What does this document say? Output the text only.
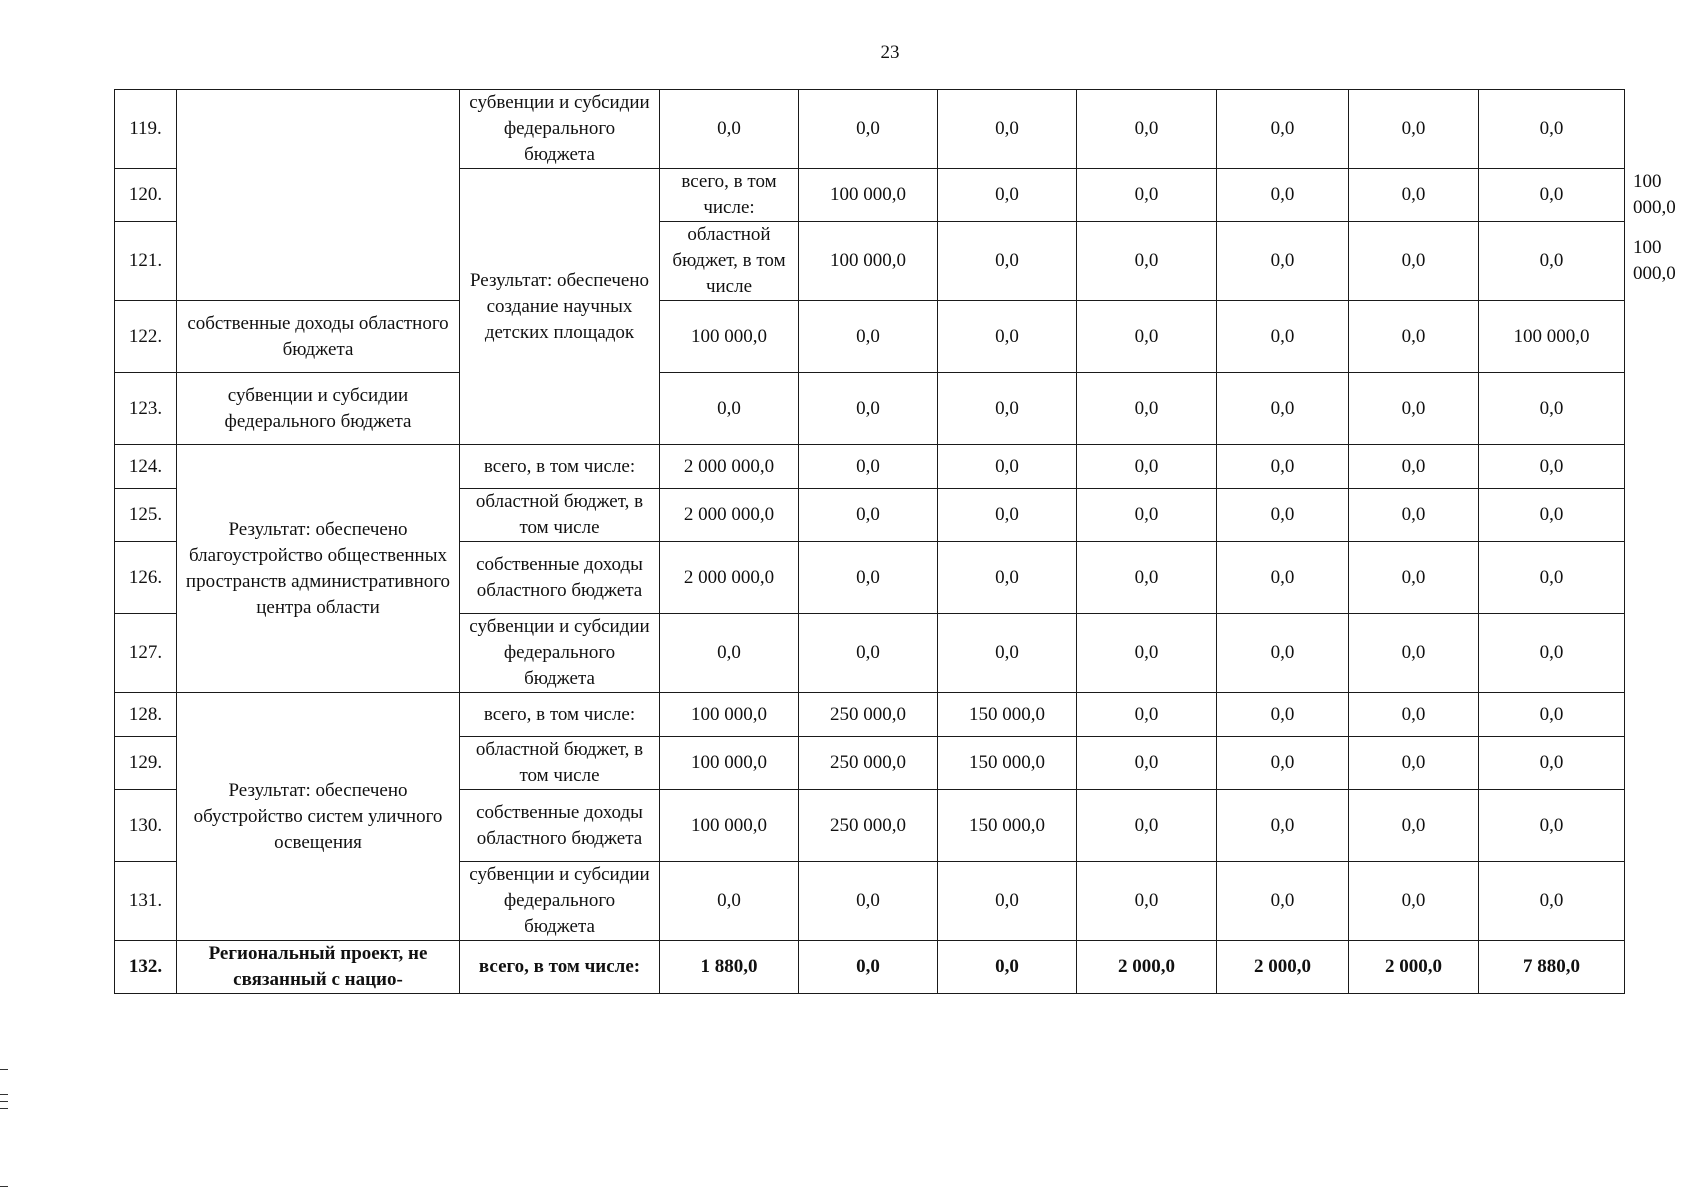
23
119.		субвенции и субсидии федерального бюджета	0,0	0,0	0,0	0,0	0,0	0,0	0,0	
120.		Результат: обеспечено создание научных детских площадок	всего, в том числе:	100 000,0	0,0	0,0	0,0	0,0	0,0	100 000,0
121.			областной бюджет, в том числе	100 000,0	0,0	0,0	0,0	0,0	0,0	100 000,0
122.	собственные доходы областного бюджета		100 000,0	0,0	0,0	0,0	0,0	0,0	100 000,0	
123.	субвенции и субсидии федерального бюджета		0,0	0,0	0,0	0,0	0,0	0,0	0,0	
124.	Результат: обеспечено благоустройство общественных пространств административного центра области	всего, в том числе:	2 000 000,0	0,0	0,0	0,0	0,0	0,0	0,0	
125.		областной бюджет, в том числе	2 000 000,0	0,0	0,0	0,0	0,0	0,0	0,0	
126.		собственные доходы областного бюджета	2 000 000,0	0,0	0,0	0,0	0,0	0,0	0,0	
127.		субвенции и субсидии федерального бюджета	0,0	0,0	0,0	0,0	0,0	0,0	0,0	
128.	Результат: обеспечено обустройство систем уличного освещения	всего, в том числе:	100 000,0	250 000,0	150 000,0	0,0	0,0	0,0	0,0	
129.		областной бюджет, в том числе	100 000,0	250 000,0	150 000,0	0,0	0,0	0,0	0,0	
130.		собственные доходы областного бюджета	100 000,0	250 000,0	150 000,0	0,0	0,0	0,0	0,0	
131.		субвенции и субсидии федерального бюджета	0,0	0,0	0,0	0,0	0,0	0,0	0,0	
132.	Региональный проект, не связанный с нацио-	всего, в том числе:	1 880,0	0,0	0,0	2 000,0	2 000,0	2 000,0	7 880,0	
